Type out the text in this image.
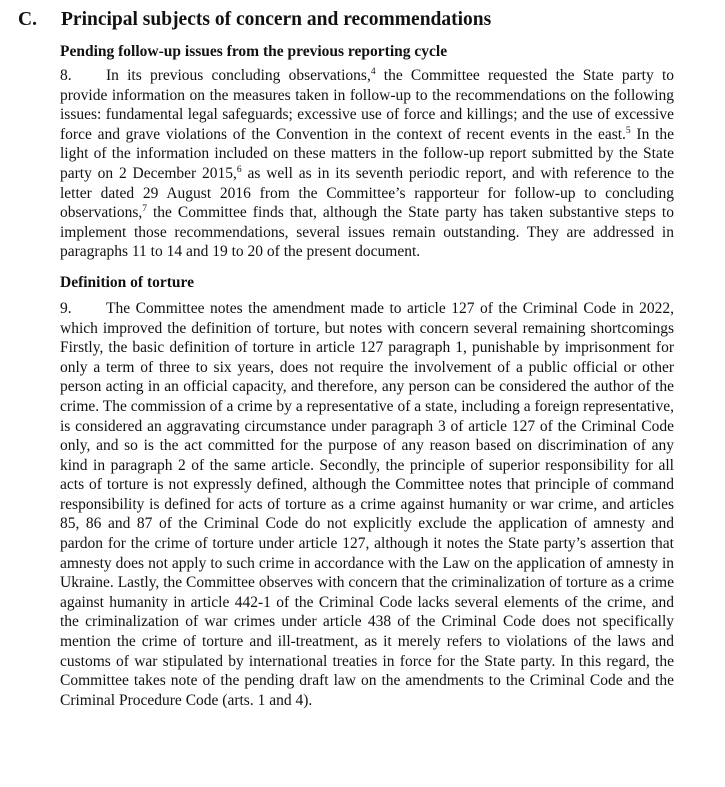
C.	Principal subjects of concern and recommendations
Pending follow-up issues from the previous reporting cycle

8. In its previous concluding observations,$^4$ the Committee requested the State party to provide information on the measures taken in follow-up to the recommendations on the following issues: fundamental legal safeguards; excessive use of force and killings; and the use of excessive force and grave violations of the Convention in the context of recent events in the east.$^5$ In the light of the information included on these matters in the follow-up report submitted by the State party on 2 December 2015,$^6$ as well as in its seventh periodic report, and with reference to the letter dated 29 August 2016 from the Committee’s rapporteur for follow-up to concluding observations,$^7$ the Committee finds that, although the State party has taken substantive steps to implement those recommendations, several issues remain outstanding. They are addressed in paragraphs 11 to 14 and 19 to 20 of the present document.

Definition of torture

9. The Committee notes the amendment made to article 127 of the Criminal Code in 2022, which improved the definition of torture, but notes with concern several remaining shortcomings Firstly, the basic definition of torture in article 127 paragraph 1, punishable by imprisonment for only a term of three to six years, does not require the involvement of a public official or other person acting in an official capacity, and therefore, any person can be considered the author of the crime. The commission of a crime by a representative of a state, including a foreign representative, is considered an aggravating circumstance under paragraph 3 of article 127 of the Criminal Code only, and so is the act committed for the purpose of any reason based on discrimination of any kind in paragraph 2 of the same article. Secondly, the principle of superior responsibility for all acts of torture is not expressly defined, although the Committee notes that principle of command responsibility is defined for acts of torture as a crime against humanity or war crime, and articles 85, 86 and 87 of the Criminal Code do not explicitly exclude the application of amnesty and pardon for the crime of torture under article 127, although it notes the State party’s assertion that amnesty does not apply to such crime in accordance with the Law on the application of amnesty in Ukraine. Lastly, the Committee observes with concern that the criminalization of torture as a crime against humanity in article 442-1 of the Criminal Code lacks several elements of the crime, and the criminalization of war crimes under article 438 of the Criminal Code does not specifically mention the crime of torture and ill-treatment, as it merely refers to violations of the laws and customs of war stipulated by international treaties in force for the State party. In this regard, the Committee takes note of the pending draft law on the amendments to the Criminal Code and the Criminal Procedure Code (arts. 1 and 4).
